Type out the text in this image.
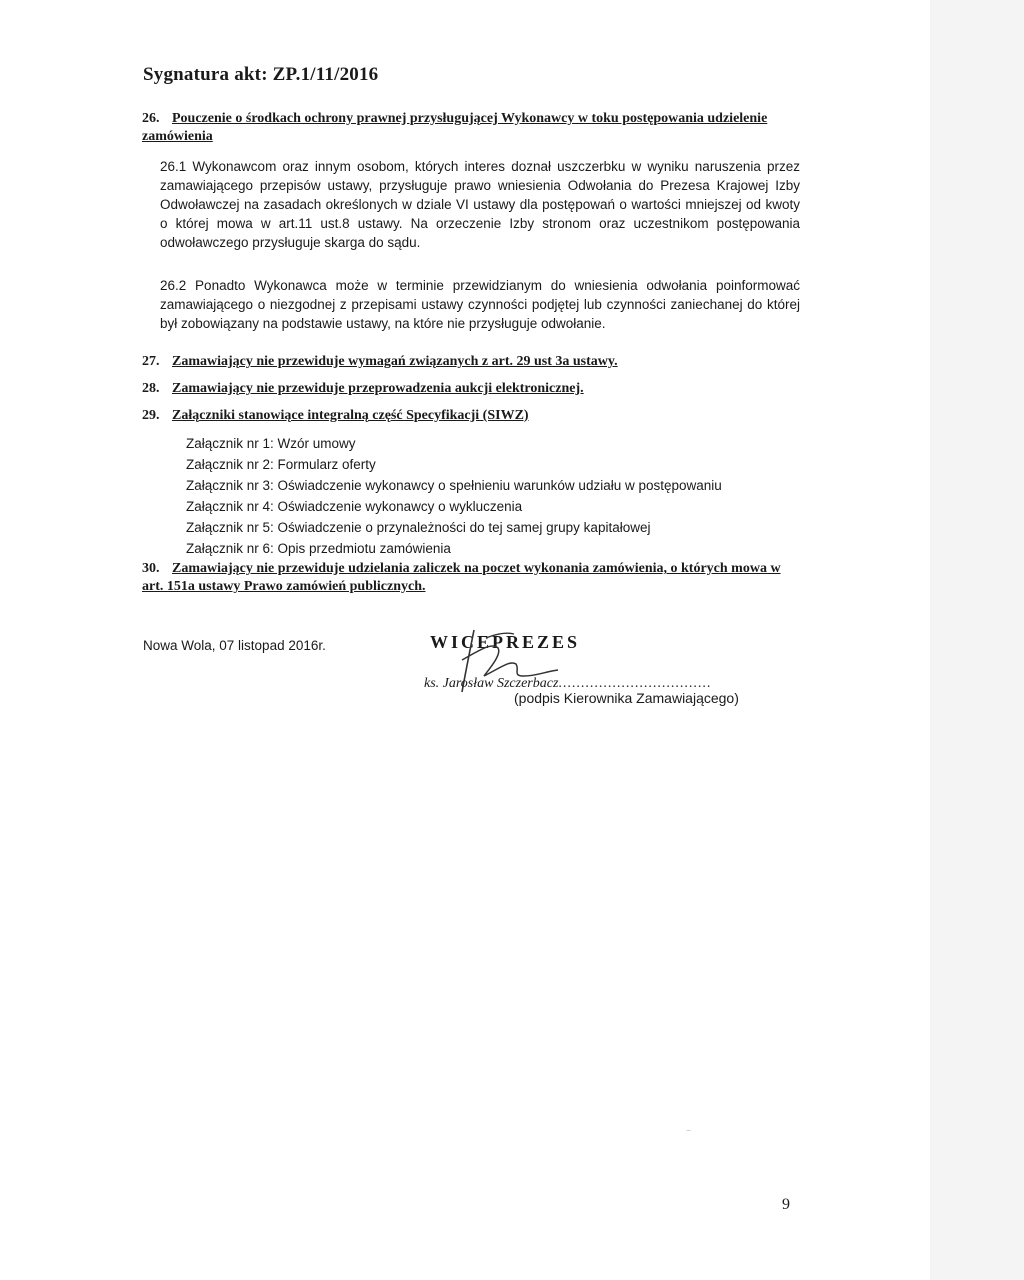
Sygnatura akt: ZP.1/11/2016
26. Pouczenie o środkach ochrony prawnej przysługującej Wykonawcy w toku postępowania udzielenie zamówienia
26.1 Wykonawcom oraz innym osobom, których interes doznał uszczerbku w wyniku naruszenia przez zamawiającego przepisów ustawy, przysługuje prawo wniesienia Odwołania do Prezesa Krajowej Izby Odwoławczej na zasadach określonych w dziale VI ustawy dla postępowań o wartości mniejszej od kwoty o której mowa w art.11 ust.8 ustawy. Na orzeczenie Izby stronom oraz uczestnikom postępowania odwoławczego przysługuje skarga do sądu.
26.2 Ponadto Wykonawca może w terminie przewidzianym do wniesienia odwołania poinformować zamawiającego o niezgodnej z przepisami ustawy czynności podjętej lub czynności zaniechanej do której był zobowiązany na podstawie ustawy, na które nie przysługuje odwołanie.
27. Zamawiający nie przewiduje wymagań związanych z art. 29 ust 3a ustawy.
28. Zamawiający nie przewiduje przeprowadzenia aukcji elektronicznej.
29. Załączniki stanowiące integralną część Specyfikacji (SIWZ)
Załącznik nr 1: Wzór umowy
Załącznik nr 2: Formularz oferty
Załącznik nr 3: Oświadczenie wykonawcy o spełnieniu warunków udziału w postępowaniu
Załącznik nr 4: Oświadczenie wykonawcy o wykluczenia
Załącznik nr 5: Oświadczenie o przynależności do tej samej grupy kapitałowej
Załącznik nr 6: Opis przedmiotu zamówienia
30. Zamawiający nie przewiduje udzielania zaliczek na poczet wykonania zamówienia, o których mowa w art. 151a ustawy Prawo zamówień publicznych.
Nowa Wola, 07 listopad 2016r.	WICEPREZES
ks. Jarosław Szczerbacz..................................
(podpis Kierownika Zamawiającego)
⁻
9
